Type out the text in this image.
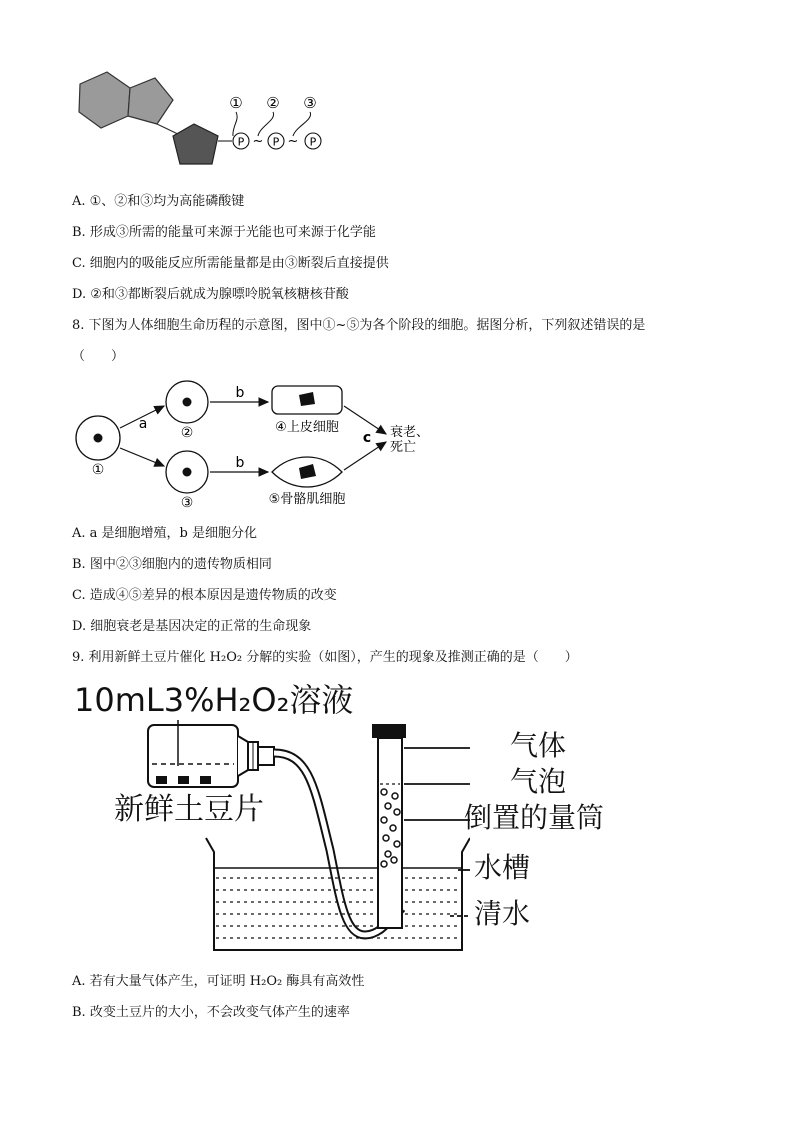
P ~ P ~ P
① ② ③
A. ①、②和③均为高能磷酸键
B. 形成③所需的能量可来源于光能也可来源于化学能
C. 细胞内的吸能反应所需能量都是由③断裂后直接提供
D. ②和③都断裂后就成为腺嘌呤脱氧核糖核苷酸
8. 下图为人体细胞生命历程的示意图，图中①~⑤为各个阶段的细胞。据图分析，下列叙述错误的是
（　　）
①
②
③
a
b
b
④上皮细胞
⑤骨骼肌细胞
c 衰老、
死亡
A. a 是细胞增殖，b 是细胞分化
B. 图中②③细胞内的遗传物质相同
C. 造成④⑤差异的根本原因是遗传物质的改变
D. 细胞衰老是基因决定的正常的生命现象
9. 利用新鲜土豆片催化 H₂O₂ 分解的实验（如图），产生的现象及推测正确的是（　　）
10mL3%H₂O₂溶液
新鲜土豆片
气体
气泡
倒置的量筒
水槽
清水
A. 若有大量气体产生，可证明 H₂O₂ 酶具有高效性
B. 改变土豆片的大小，不会改变气体产生的速率
